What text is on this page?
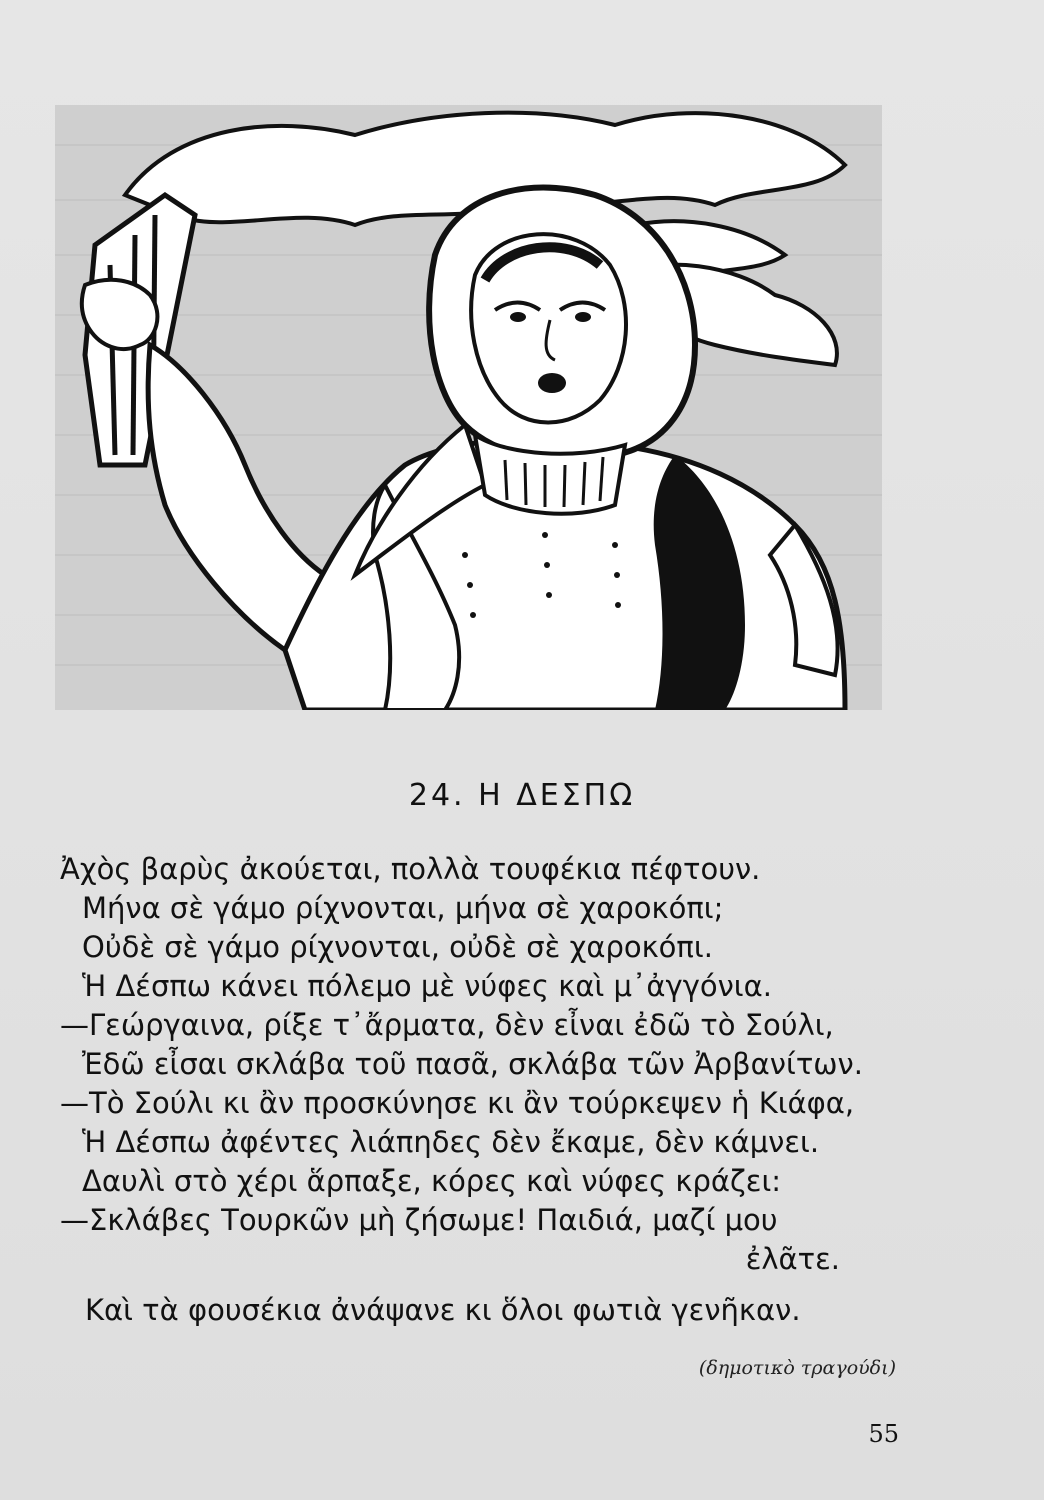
24. Η ΔΕΣΠΩ
Ἀχὸς βαρὺς ἀκούεται, πολλὰ τουφέκια πέφτουν.
Μήνα σὲ γάμο ρίχνονται, μήνα σὲ χαροκόπι;
Οὐδὲ σὲ γάμο ρίχνονται, οὐδὲ σὲ χαροκόπι.
Ἡ Δέσπω κάνει πόλεμο μὲ νύφες καὶ μ᾿ἀγγόνια.
—Γεώργαινα, ρίξε τ᾿ἄρματα, δὲν εἶναι ἐδῶ τὸ Σούλι,
Ἐδῶ εἶσαι σκλάβα τοῦ πασᾶ, σκλάβα τῶν Ἀρβανίτων.
—Τὸ Σούλι κι ἂν προσκύνησε κι ἂν τούρκεψεν ἡ Κιάφα,
Ἡ Δέσπω ἀφέντες λιάπηδες δὲν ἔκαμε, δὲν κάμνει.
Δαυλὶ στὸ χέρι ἅρπαξε, κόρες καὶ νύφες κράζει:
—Σκλάβες Τουρκῶν μὴ ζήσωμε! Παιδιά, μαζί μου
ἐλᾶτε.
Καὶ τὰ φουσέκια ἀνάψανε κι ὅλοι φωτιὰ γενῆκαν.
(δημοτικὸ τραγούδι)
55
